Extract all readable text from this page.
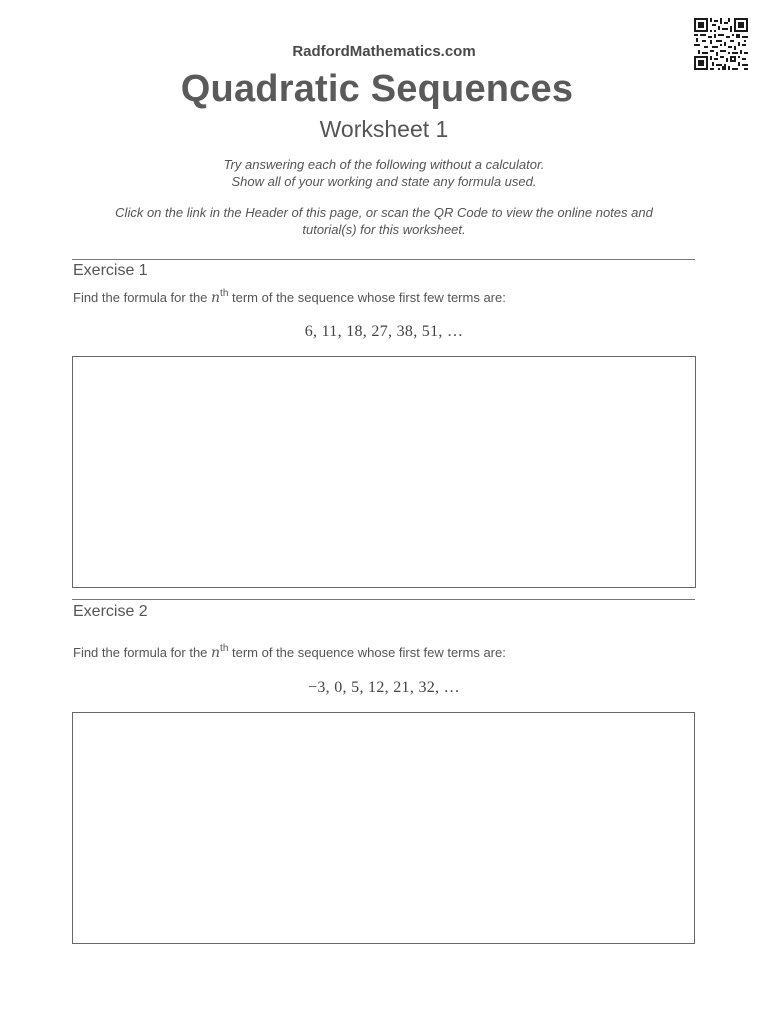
RadfordMathematics.com
Quadratic Sequences
Worksheet 1
Try answering each of the following without a calculator.
Show all of your working and state any formula used.
Click on the link in the Header of this page, or scan the QR Code to view the online notes and
tutorial(s) for this worksheet.
Exercise 1
Find the formula for the $n^{th}$ term of the sequence whose first few terms are:
6, 11, 18, 27, 38, 51, …
Exercise 2
Find the formula for the $n^{th}$ term of the sequence whose first few terms are:
−3, 0, 5, 12, 21, 32, …
